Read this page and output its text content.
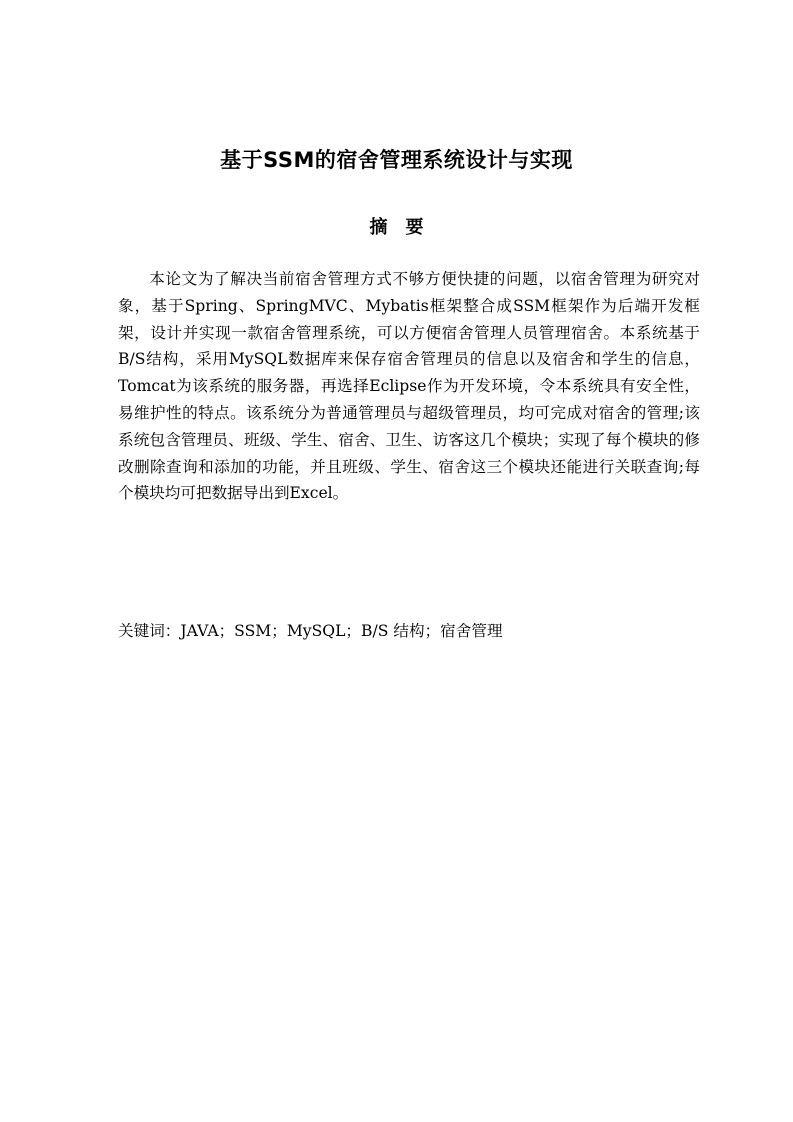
基于SSM的宿舍管理系统设计与实现
摘要

本论文为了解决当前宿舍管理方式不够方便快捷的问题，以宿舍管理为研究对象，基于Spring、SpringMVC、Mybatis框架整合成SSM框架作为后端开发框架，设计并实现一款宿舍管理系统，可以方便宿舍管理人员管理宿舍。本系统基于B/S结构，采用MySQL数据库来保存宿舍管理员的信息以及宿舍和学生的信息，Tomcat为该系统的服务器，再选择Eclipse作为开发环境，令本系统具有安全性，易维护性的特点。该系统分为普通管理员与超级管理员，均可完成对宿舍的管理;该系统包含管理员、班级、学生、宿舍、卫生、访客这几个模块；实现了每个模块的修改删除查询和添加的功能，并且班级、学生、宿舍这三个模块还能进行关联查询;每个模块均可把数据导出到Excel。

关键词：JAVA；SSM；MySQL；B/S 结构；宿舍管理
